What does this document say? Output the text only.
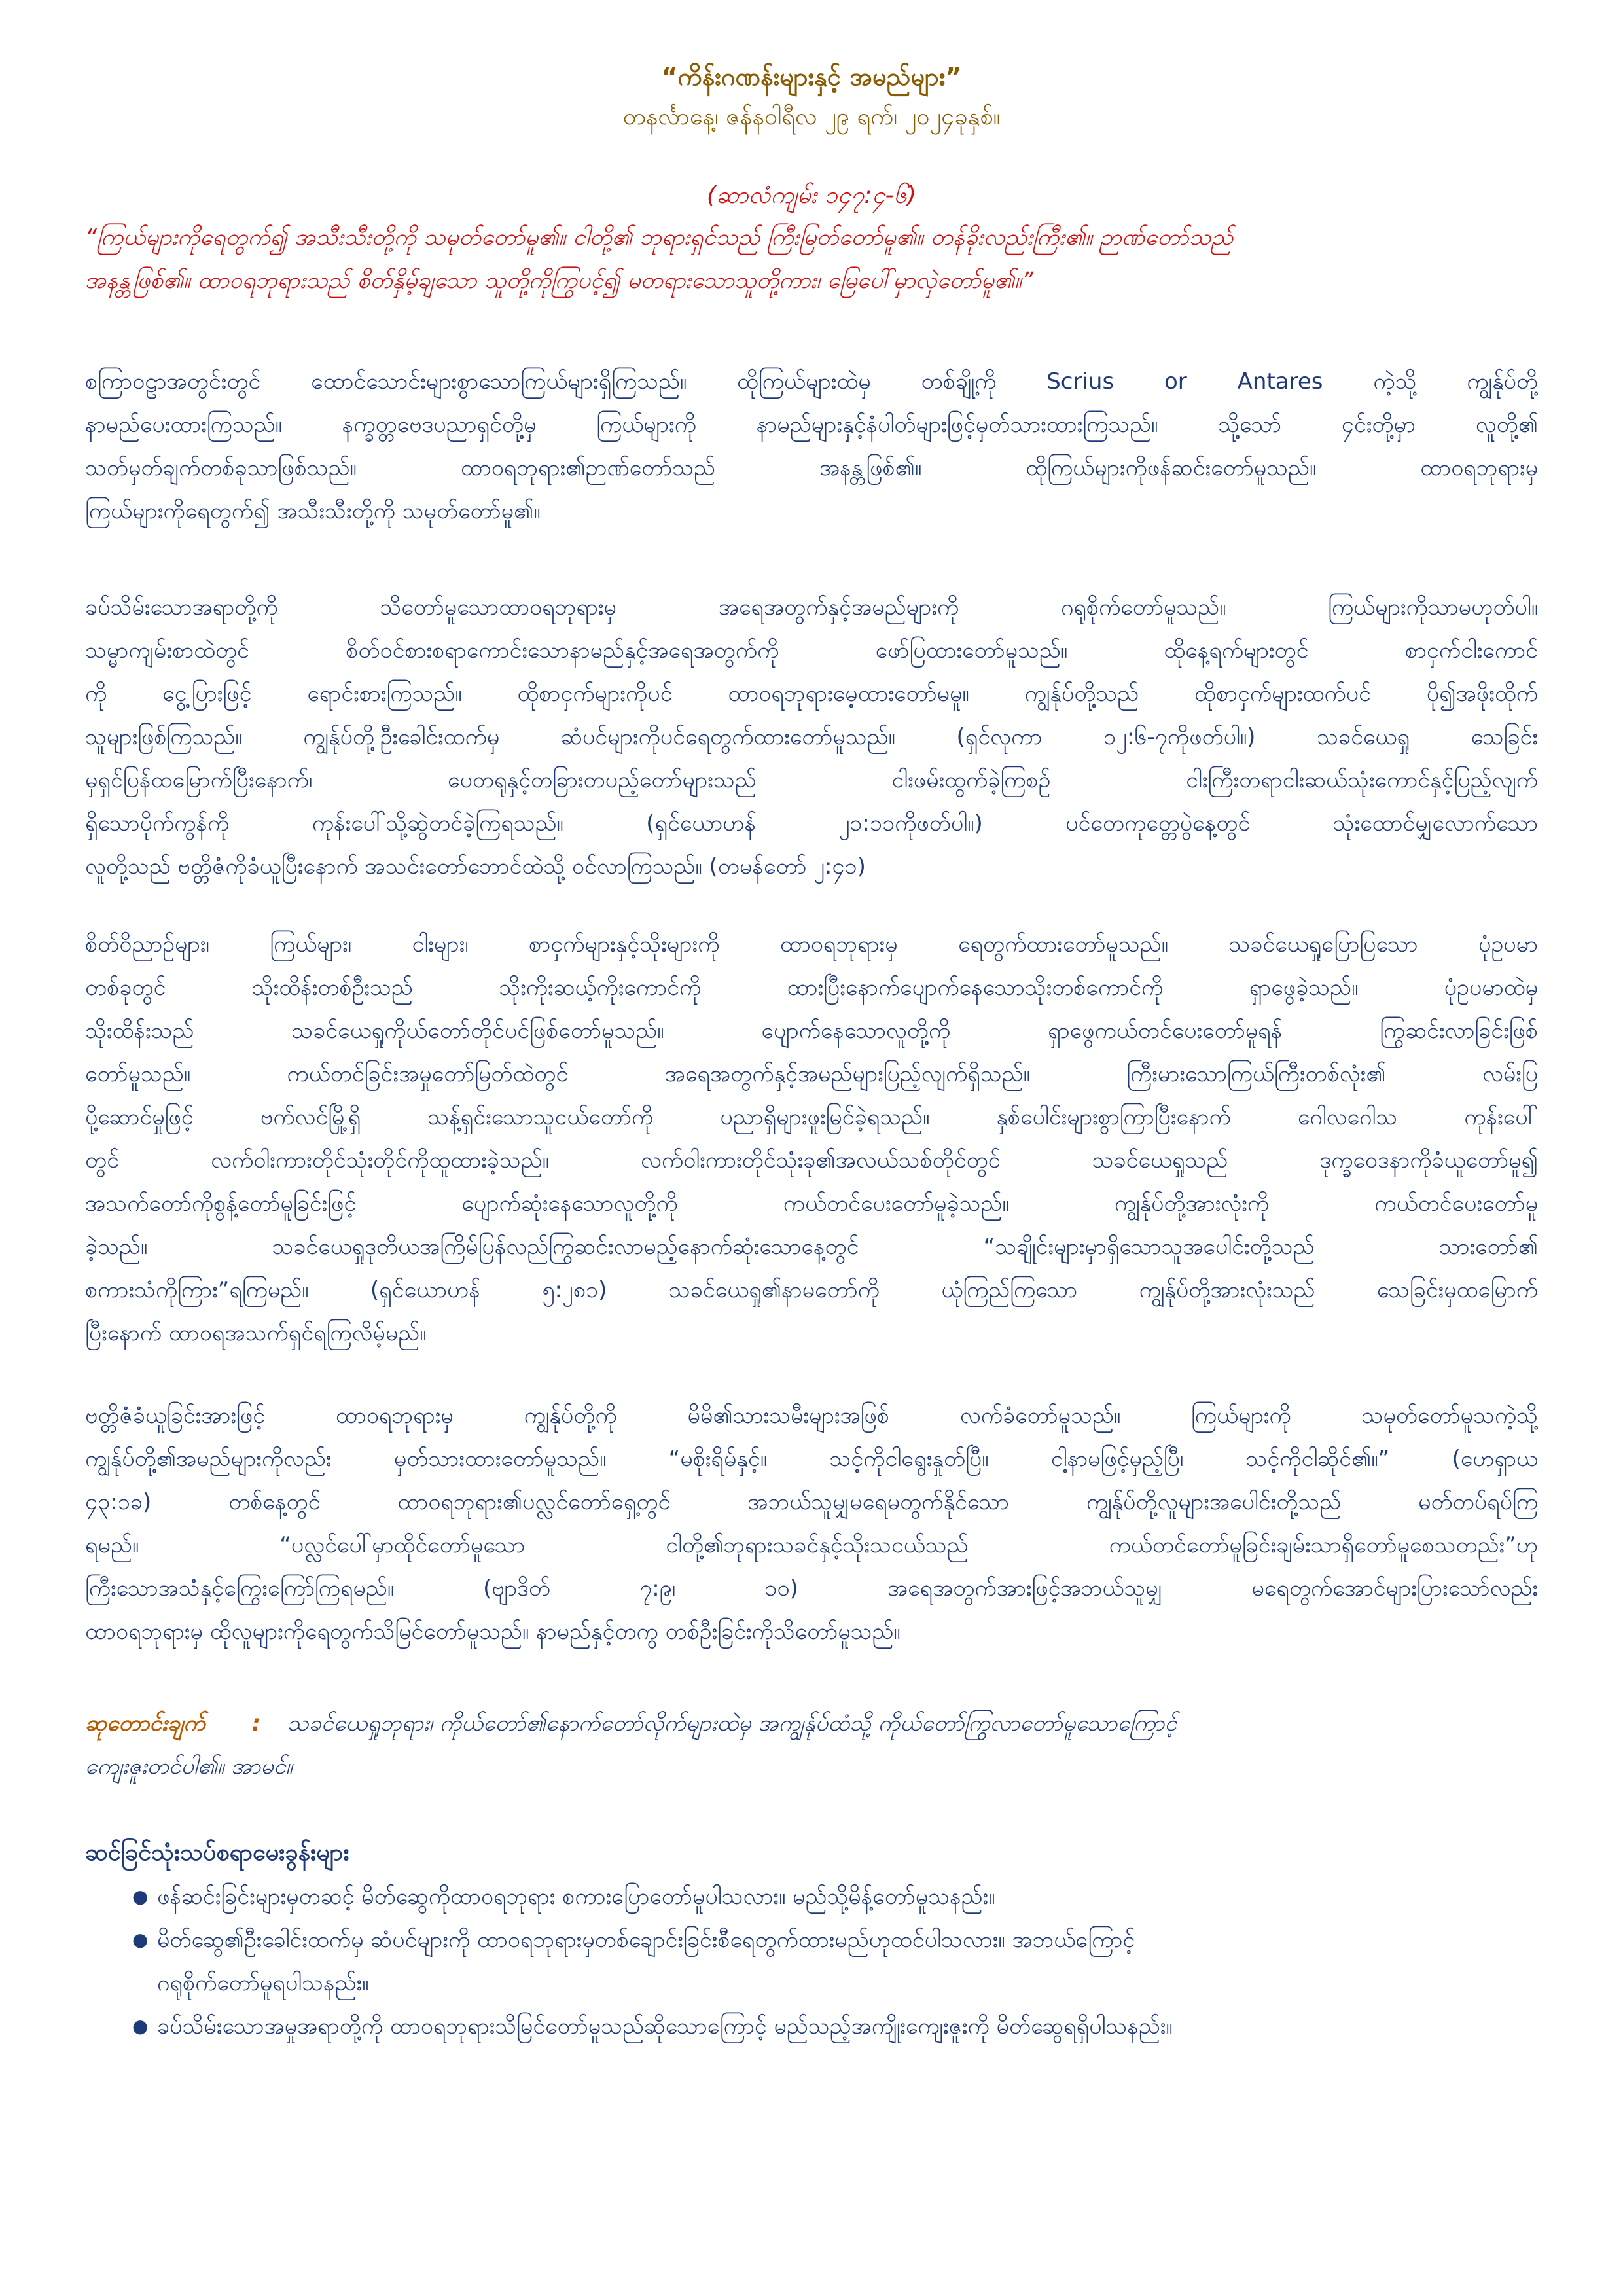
“ကိန်းဂဏန်းများနှင့် အမည်များ”
တနင်္လာနေ့၊ ဇန်နဝါရီလ ၂၉ ရက်၊ ၂၀၂၄ခုနှစ်။
(ဆာလံကျမ်း ၁၄၇:၄-၆)
“ကြယ်များကိုရေတွက်၍ အသီးသီးတို့ကို သမုတ်တော်မူ၏။ ငါတို့၏ ဘုရားရှင်သည် ကြီးမြတ်တော်မူ၏။ တန်ခိုးလည်းကြီး၏။ ဉာဏ်တော်သည်
အနန္တဖြစ်၏။ ထာဝရဘုရားသည် စိတ်နှိမ့်ချသော သူတို့ကိုကြွပင့်၍ မတရားသောသူတို့ကား၊ မြေပေါ်မှာလှဲတော်မူ၏။”
စကြာဝဠာအတွင်းတွင် ထောင်သောင်းများစွာသောကြယ်များရှိကြသည်။ ထိုကြယ်များထဲမှ တစ်ချို့ကို Scrius or Antares ကဲ့သို့ ကျွန်ုပ်တို့
နာမည်ပေးထားကြသည်။ နက္ခတ္တဗေဒပညာရှင်တို့မှ ကြယ်များကို နာမည်များနှင့်နံပါတ်များဖြင့်မှတ်သားထားကြသည်။ သို့သော် ၄င်းတို့မှာ လူတို့၏
သတ်မှတ်ချက်တစ်ခုသာဖြစ်သည်။ ထာဝရဘုရား၏ဉာဏ်တော်သည် အနန္တဖြစ်၏။ ထိုကြယ်များကိုဖန်ဆင်းတော်မူသည်။ ထာဝရဘုရားမှ
ကြယ်များကိုရေတွက်၍ အသီးသီးတို့ကို သမုတ်တော်မူ၏။
ခပ်သိမ်းသောအရာတို့ကို သိတော်မူသောထာဝရဘုရားမှ အရေအတွက်နှင့်အမည်များကို ဂရုစိုက်တော်မူသည်။ ကြယ်များကိုသာမဟုတ်ပါ။
သမ္မာကျမ်းစာထဲတွင် စိတ်ဝင်စားစရာကောင်းသောနာမည်နှင့်အရေအတွက်ကို ဖော်ပြထားတော်မူသည်။ ထိုနေ့ရက်များတွင် စာငှက်ငါးကောင်
ကို ငွေ့ပြားဖြင့် ရောင်းစားကြသည်။ ထိုစာငှက်များကိုပင် ထာဝရဘုရားမေ့ထားတော်မမူ။ ကျွန်ုပ်တို့သည် ထိုစာငှက်များထက်ပင် ပို၍အဖိုးထိုက်
သူများဖြစ်ကြသည်။ ကျွန်ုပ်တို့ဦးခေါင်းထက်မှ ဆံပင်များကိုပင်ရေတွက်ထားတော်မူသည်။ (ရှင်လုကာ ၁၂:၆-၇ကိုဖတ်ပါ။) သခင်ယေရှု သေခြင်း
မှရှင်ပြန်ထမြောက်ပြီးနောက်၊ ပေတရုနှင့်တခြားတပည့်တော်များသည် ငါးဖမ်းထွက်ခဲ့ကြစဉ် ငါးကြီးတရာငါးဆယ်သုံးကောင်နှင့်ပြည့်လျက်
ရှိသောပိုက်ကွန်ကို ကုန်းပေါ်သို့ဆွဲတင်ခဲ့ကြရသည်။ (ရှင်ယောဟန် ၂၁:၁၁ကိုဖတ်ပါ။) ပင်တေကုတ္တေပွဲနေ့တွင် သုံးထောင်မျှလောက်သော
လူတို့သည် ဗတ္တိဇံကိုခံယူပြီးနောက် အသင်းတော်ဘောင်ထဲသို့ ဝင်လာကြသည်။ (တမန်တော် ၂:၄၁)
စိတ်ဝိညာဉ်များ၊ ကြယ်များ၊ ငါးများ၊ စာငှက်များနှင့်သိုးများကို ထာဝရဘုရားမှ ရေတွက်ထားတော်မူသည်။ သခင်ယေရှုပြောပြသော ပုံဥပမာ
တစ်ခုတွင် သိုးထိန်းတစ်ဦးသည် သိုးကိုးဆယ့်ကိုးကောင်ကို ထားပြီးနောက်ပျောက်နေသောသိုးတစ်ကောင်ကို ရှာဖွေခဲ့သည်။ ပုံဥပမာထဲမှ
သိုးထိန်းသည် သခင်ယေရှုကိုယ်တော်တိုင်ပင်ဖြစ်တော်မူသည်။ ပျောက်နေသောလူတို့ကို ရှာဖွေကယ်တင်ပေးတော်မူရန် ကြွဆင်းလာခြင်းဖြစ်
တော်မူသည်။ ကယ်တင်ခြင်းအမှုတော်မြတ်ထဲတွင် အရေအတွက်နှင့်အမည်များပြည့်လျက်ရှိသည်။ ကြီးမားသောကြယ်ကြီးတစ်လုံး၏ လမ်းပြ
ပို့ဆောင်မှုဖြင့် ဗက်လင်မြို့ရှိ သန့်ရှင်းသောသူငယ်တော်ကို ပညာရှိများဖူးမြင်ခဲ့ရသည်။ နှစ်ပေါင်းများစွာကြာပြီးနောက် ဂေါလဂေါသ ကုန်းပေါ်
တွင် လက်ဝါးကားတိုင်သုံးတိုင်ကိုထူထားခဲ့သည်။ လက်ဝါးကားတိုင်သုံးခု၏အလယ်သစ်တိုင်တွင် သခင်ယေရှုသည် ဒုက္ခဝေဒနာကိုခံယူတော်မူ၍
အသက်တော်ကိုစွန့်တော်မူခြင်းဖြင့် ပျောက်ဆုံးနေသောလူတို့ကို ကယ်တင်ပေးတော်မူခဲ့သည်။ ကျွန်ုပ်တို့အားလုံးကို ကယ်တင်ပေးတော်မူ
ခဲ့သည်။ သခင်ယေရှုဒုတိယအကြိမ်ပြန်လည်ကြွဆင်းလာမည့်နောက်ဆုံးသောနေ့တွင် “သချိုင်းများမှာရှိသောသူအပေါင်းတို့သည် သားတော်၏
စကားသံကိုကြား”ရကြမည်။ (ရှင်ယောဟန် ၅:၂၈၁) သခင်ယေရှု၏နာမတော်ကို ယုံကြည်ကြသော ကျွန်ုပ်တို့အားလုံးသည် သေခြင်းမှထမြောက်
ပြီးနောက် ထာဝရအသက်ရှင်ရကြလိမ့်မည်။
ဗတ္တိဇံခံယူခြင်းအားဖြင့် ထာဝရဘုရားမှ ကျွန်ုပ်တို့ကို မိမိ၏သားသမီးများအဖြစ် လက်ခံတော်မူသည်။ ကြယ်များကို သမုတ်တော်မူသကဲ့သို့
ကျွန်ုပ်တို့၏အမည်များကိုလည်း မှတ်သားထားတော်မူသည်။ “မစိုးရိမ်နှင့်။ သင့်ကိုငါရွေးနှုတ်ပြီ။ ငါ့နာမဖြင့်မှည့်ပြီ၊ သင့်ကိုငါဆိုင်၏။” (ဟေရှာယ
၄၃:၁ခ) တစ်နေ့တွင် ထာဝရဘုရား၏ပလ္လင်တော်ရှေ့တွင် အဘယ်သူမျှမရေမတွက်နိုင်သော ကျွန်ုပ်တို့လူများအပေါင်းတို့သည် မတ်တပ်ရပ်ကြ
ရမည်။ “ပလ္လင်ပေါ်မှာထိုင်တော်မူသော ငါတို့၏ဘုရားသခင်နှင့်သိုးသငယ်သည် ကယ်တင်တော်မူခြင်းချမ်းသာရှိတော်မူစေသတည်း”ဟု
ကြီးသောအသံနှင့်ကြွေးကြော်ကြရမည်။ (ဗျာဒိတ် ၇:၉၊ ၁၀) အရေအတွက်အားဖြင့်အဘယ်သူမျှ မရေတွက်အောင်များပြားသော်လည်း
ထာဝရဘုရားမှ ထိုလူများကိုရေတွက်သိမြင်တော်မူသည်။ နာမည်နှင့်တကွ တစ်ဦးခြင်းကိုသိတော်မူသည်။
ဆုတောင်းချက် : သခင်ယေရှုဘုရား၊ ကိုယ်တော်၏နောက်တော်လိုက်များထဲမှ အကျွန်ုပ်ထံသို့ ကိုယ်တော်ကြွလာတော်မူသောကြောင့်
ကျေးဇူးတင်ပါ၏။ အာမင်။
ဆင်ခြင်သုံးသပ်စရာမေးခွန်းများ
● ဖန်ဆင်းခြင်းများမှတဆင့် မိတ်ဆွေကိုထာဝရဘုရား စကားပြောတော်မူပါသလား။ မည်သို့မိန့်တော်မူသနည်း။
● မိတ်ဆွေ၏ဦးခေါင်းထက်မှ ဆံပင်များကို ထာဝရဘုရားမှတစ်ချောင်းခြင်းစီရေတွက်ထားမည်ဟုထင်ပါသလား။ အဘယ်ကြောင့်
ဂရုစိုက်တော်မူရပါသနည်း။
● ခပ်သိမ်းသောအမှုအရာတို့ကို ထာဝရဘုရားသိမြင်တော်မူသည်ဆိုသောကြောင့် မည်သည့်အကျိုးကျေးဇူးကို မိတ်ဆွေရရှိပါသနည်း။
